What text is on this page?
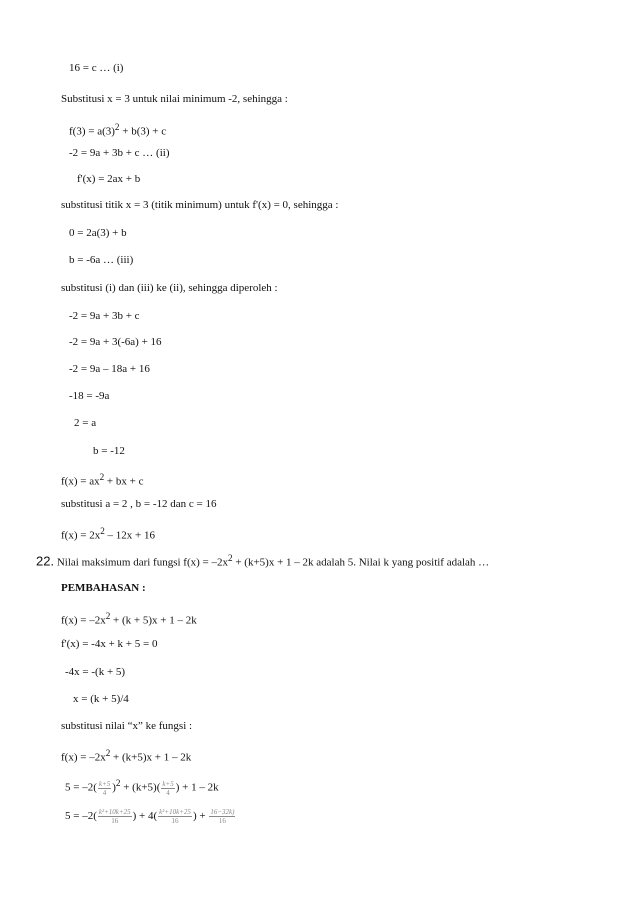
16 = c … (i)
Substitusi x = 3 untuk nilai minimum -2, sehingga :
$f(3) = a(3)^2 + b(3) + c$
-2 = 9a + 3b + c … (ii)
f'(x) = 2ax + b
substitusi titik x = 3 (titik minimum) untuk f'(x) = 0, sehingga :
0 = 2a(3) + b
b = -6a … (iii)
substitusi (i) dan (iii) ke (ii), sehingga diperoleh :
-2 = 9a + 3b + c
-2 = 9a + 3(-6a) + 16
-2 = 9a – 18a + 16
-18 = -9a
2 = a
b = -12
$f(x) = ax^2$ + bx + c
substitusi a = 2 , b = -12 dan c = 16
$f(x) = 2x^2 - 12x + 16$
22. Nilai maksimum dari fungsi $f(x) = -2x^2 + (k+5)x + 1 - 2k$ adalah 5. Nilai k yang positif adalah …
PEMBAHASAN :
$f(x) = -2x^2 + (k + 5)x + 1 - 2k$
f'(x) = -4x + k + 5 = 0
-4x = -(k + 5)
x = (k + 5)/4
substitusi nilai “x” ke fungsi :
$f(x) = -2x^2 + (k+5)x + 1 - 2k$
$5 = -2( \frac{k+5}{4} )^2 + (k+5)( \frac{k+5}{4}$ ) + 1 – 2k
$5 = -2( \frac{\text{k²+10k+25}}{16}$ ) + $4( \frac{\text{k²+10k+25}}{16}$ ) + $\frac{16-32k)}{16}$
